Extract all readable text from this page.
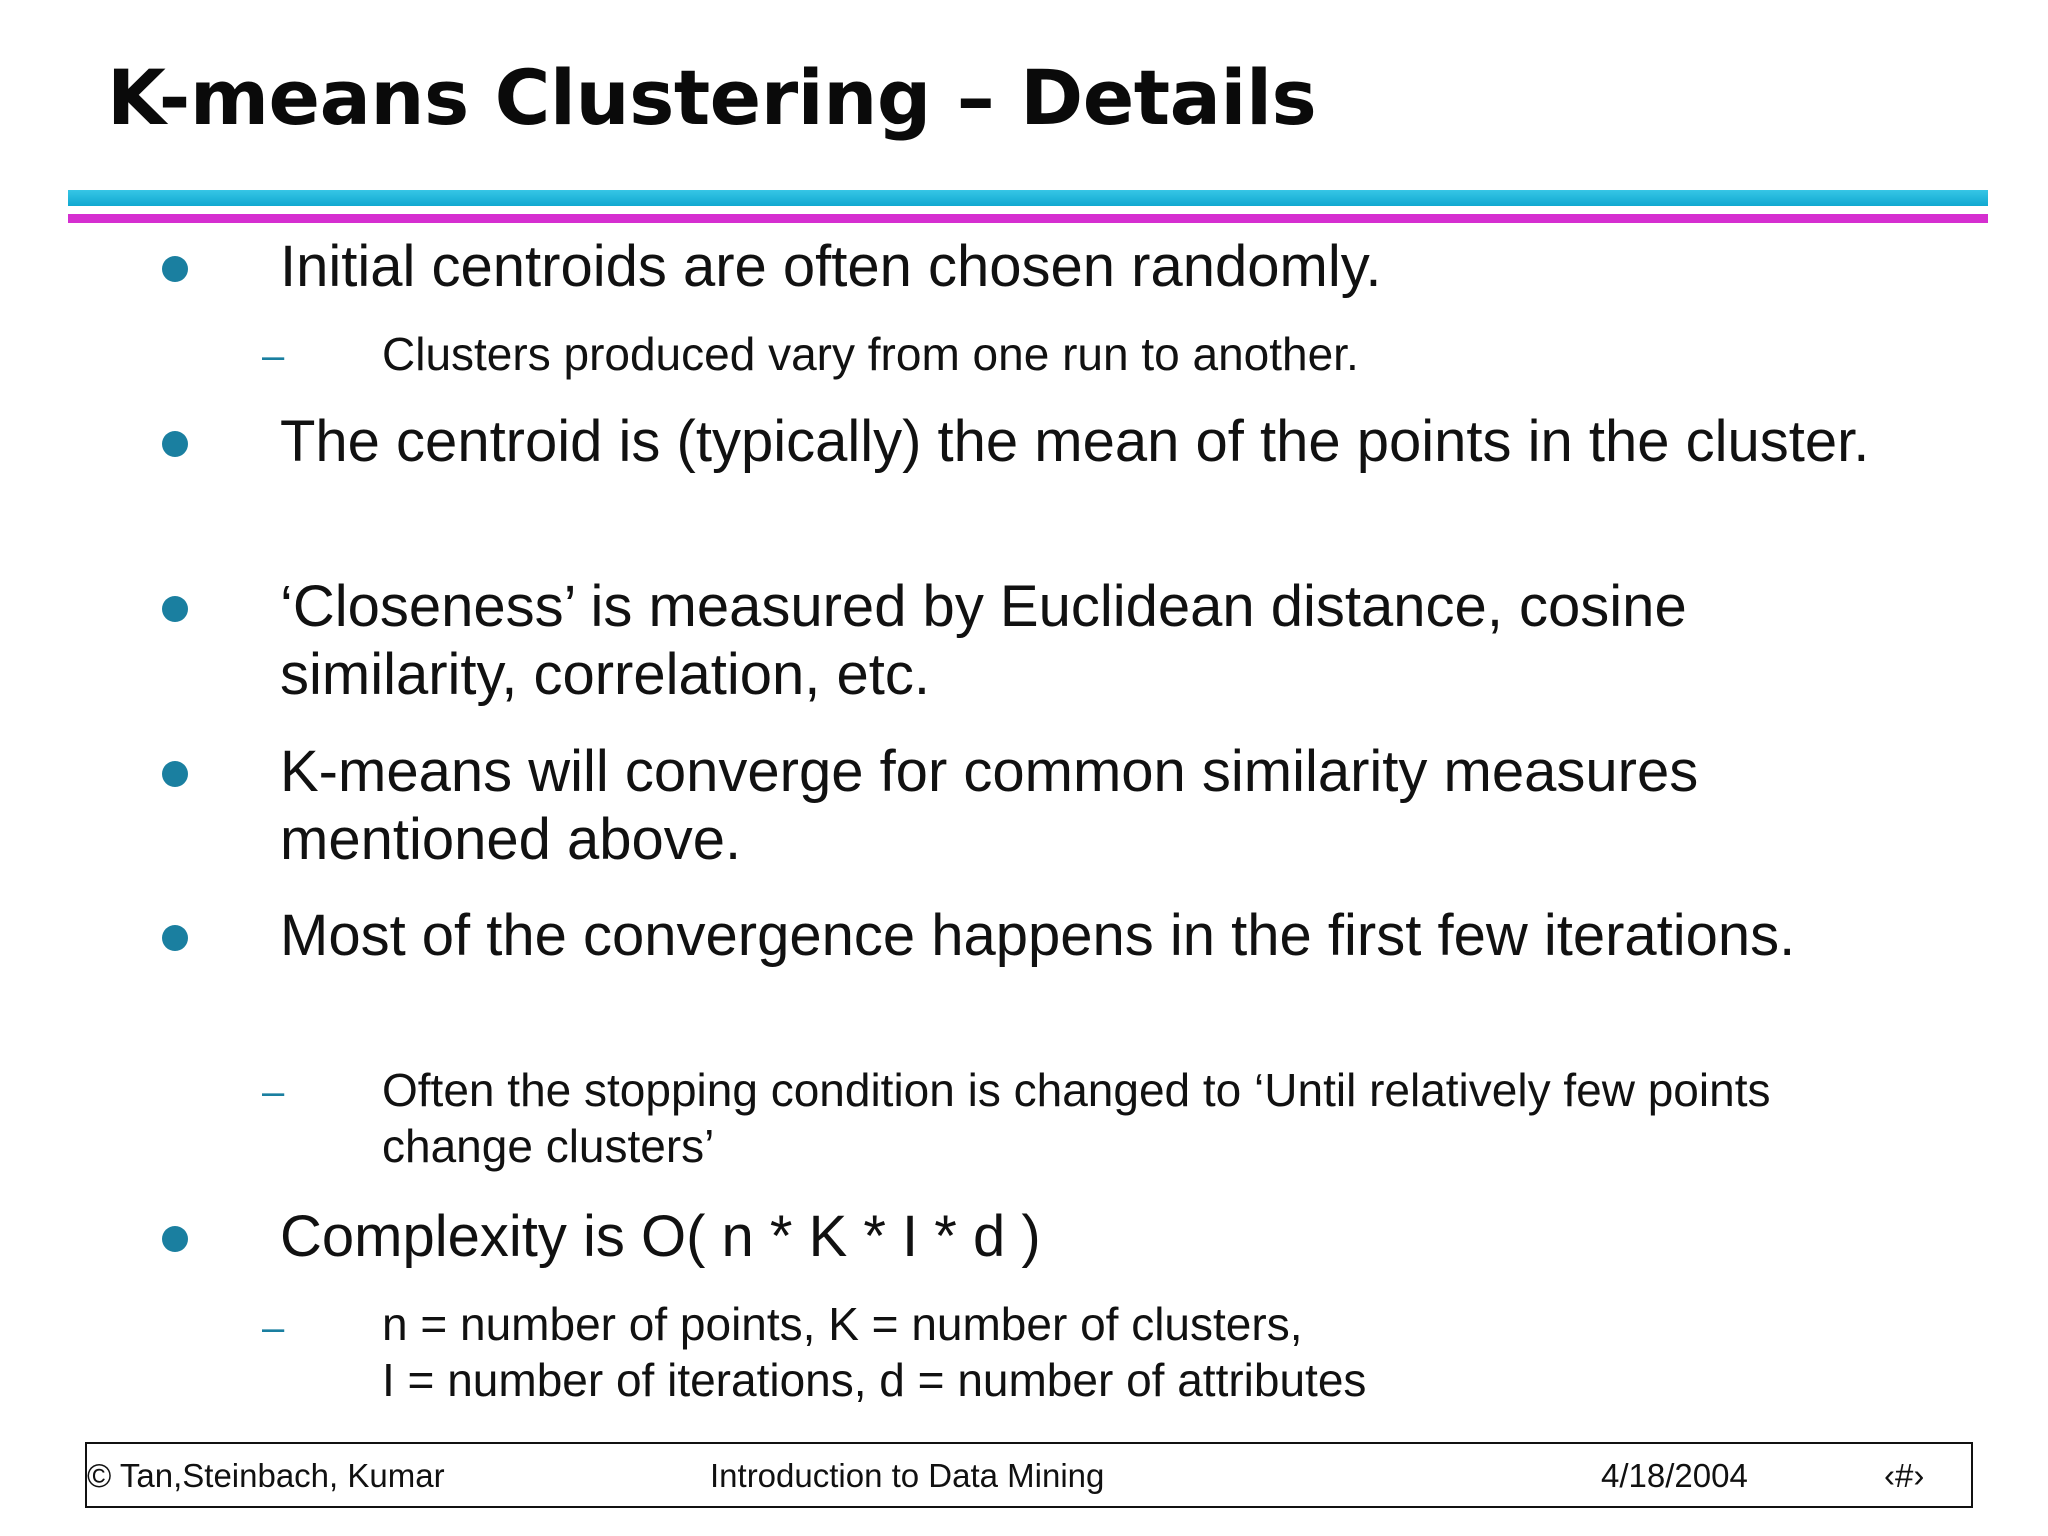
K-means Clustering – Details

Initial centroids are often chosen randomly.

– Clusters produced vary from one run to another.

The centroid is (typically) the mean of the points in the cluster.

‘Closeness’ is measured by Euclidean distance, cosine similarity, correlation, etc.

K-means will converge for common similarity measures mentioned above.

Most of the convergence happens in the first few iterations.

– Often the stopping condition is changed to ‘Until relatively few points change clusters’

Complexity is O( n * K * I * d )

– n = number of points, K = number of clusters,
I = number of iterations, d = number of attributes

© Tan,Steinbach, Kumar	Introduction to Data Mining	4/18/2004	‹#›
